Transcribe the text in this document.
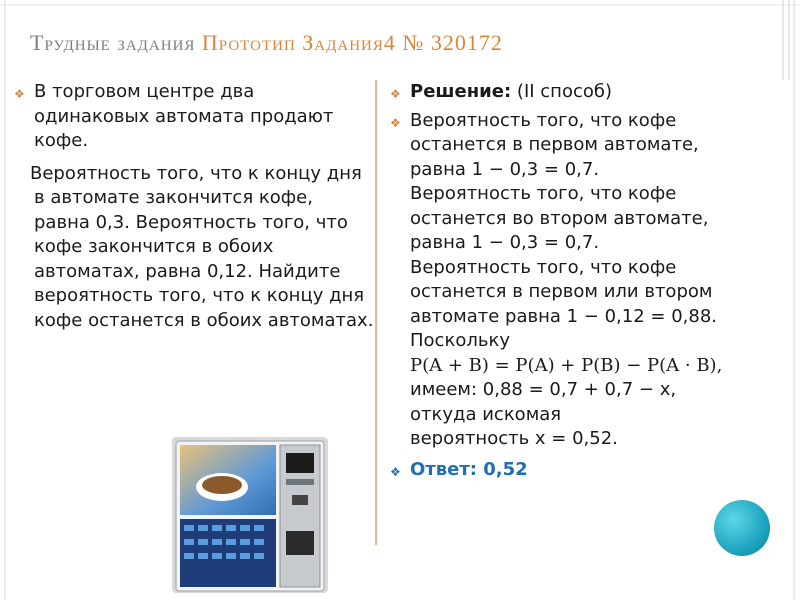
Трудные задания Прототип Задания4 № 320172
❖ В торговом центре два одинаковых автомата продают кофе.
Вероятность того, что к концу дня в автомате закончится кофе, равна 0,3. Вероятность того, что кофе закончится в обоих автоматах, равна 0,12. Найдите вероятность того, что к концу дня кофе останется в обоих автоматах.
❖ Решение: (II способ)
❖ Вероятность того, что кофе
останется в первом автомате,
равна 1 − 0,3 = 0,7.
Вероятность того, что кофе
останется во втором автомате,
равна 1 − 0,3 = 0,7.
Вероятность того, что кофе
останется в первом или втором
автомате равна 1 − 0,12 = 0,88.
Поскольку
P(A + B) = P(A) + P(B) − P(A · B),
имеем: 0,88 = 0,7 + 0,7 − x,
откуда искомая
вероятность x = 0,52.
❖ Ответ: 0,52
